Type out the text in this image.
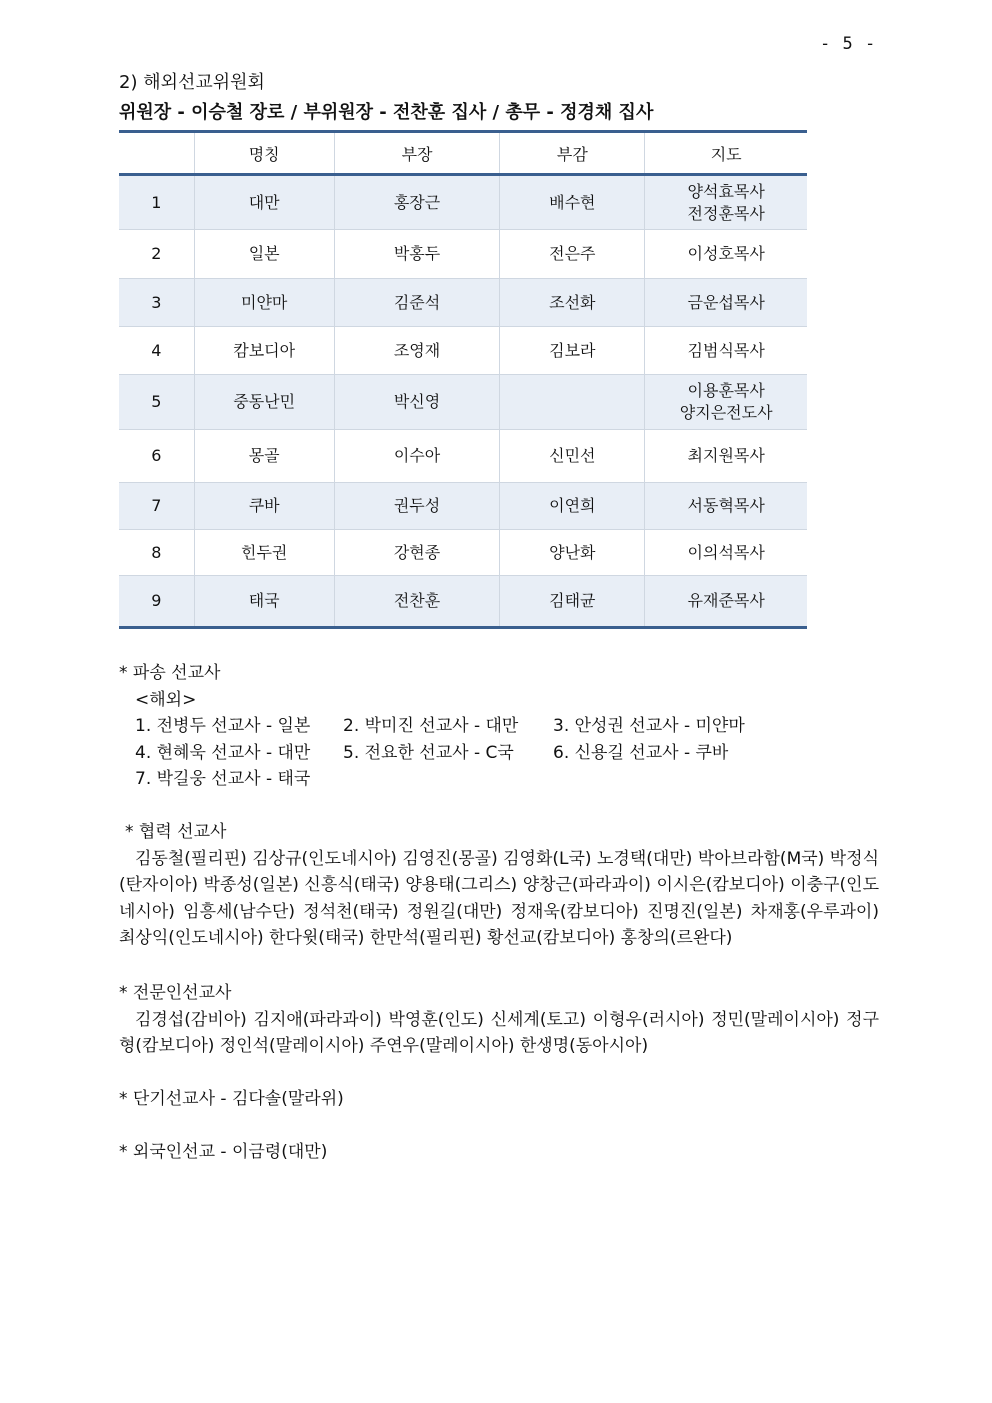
- 5 -
2) 해외선교위원회
위원장 - 이승철 장로 / 부위원장 - 전찬훈 집사 / 총무 - 정경채 집사
	명칭	부장	부감	지도
1	대만	홍장근	배수현	양석효목사
전정훈목사

2	일본	박홍두	전은주	이성호목사
3	미얀마	김준석	조선화	금운섭목사
4	캄보디아	조영재	김보라	김범식목사
5	중동난민	박신영		이용훈목사
양지은전도사

6	몽골	이수아	신민선	최지원목사
7	쿠바	권두성	이연희	서동혁목사
8	힌두권	강현종	양난화	이의석목사
9	태국	전찬훈	김태균	유재준목사
* 파송 선교사
<해외>
1. 전병두 선교사 - 일본	2. 박미진 선교사 - 대만	3. 안성권 선교사 - 미얀마
4. 현혜욱 선교사 - 대만	5. 전요한 선교사 - C국	6. 신용길 선교사 - 쿠바
7. 박길웅 선교사 - 태국
* 협력 선교사
김동철(필리핀) 김상규(인도네시아) 김영진(몽골) 김영화(L국) 노경택(대만) 박아브라함(M국) 박정식(탄자이아) 박종성(일본) 신흥식(태국) 양용태(그리스) 양창근(파라과이) 이시은(캄보디아) 이충구(인도네시아) 임흥세(남수단) 정석천(태국) 정원길(대만) 정재욱(캄보디아) 진명진(일본) 차재홍(우루과이) 최상익(인도네시아) 한다윗(태국) 한만석(필리핀) 황선교(캄보디아) 홍창의(르완다)
* 전문인선교사
김경섭(감비아) 김지애(파라과이) 박영훈(인도) 신세계(토고) 이형우(러시아) 정민(말레이시아) 정구형(캄보디아) 정인석(말레이시아) 주연우(말레이시아) 한생명(동아시아)
* 단기선교사 - 김다솔(말라위)
* 외국인선교 - 이금령(대만)
